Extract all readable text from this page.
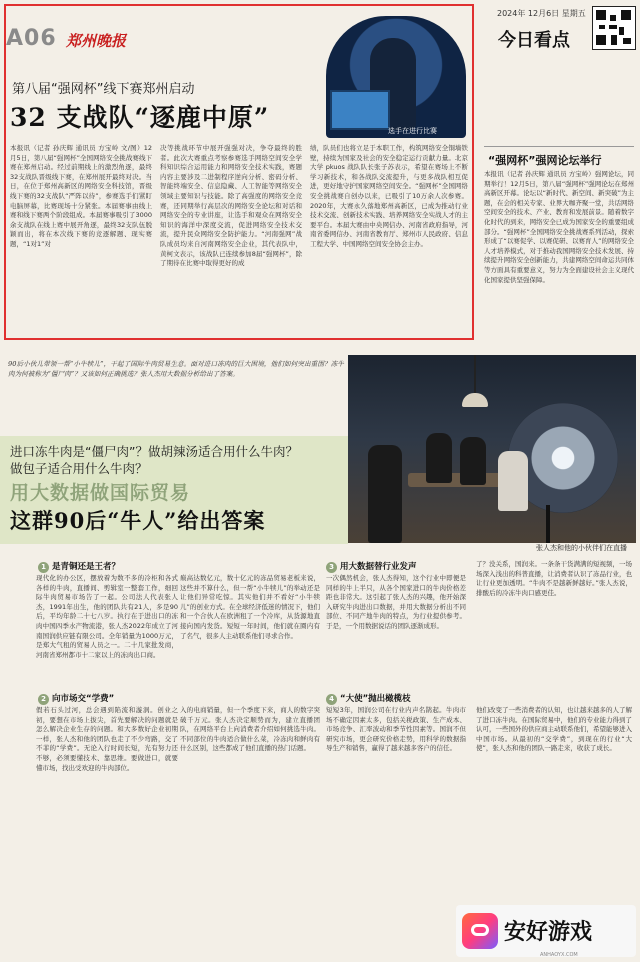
A06 郑州晚报
2024年 12月6日 星期五
今日看点
选手在进行比赛
第八届“强网杯”线下赛郑州启动
32 支战队“逐鹿中原”
本报讯（记者 孙庆辉 通讯员 方宝岭 文/图）12月5日，第八届“强网杯”全国网络安全挑战赛线下赛在郑州启动。经过前期线上的激烈角逐，最终32支战队晋级线下赛，在郑州展开最终对决。当日，在位于郑州高新区的网络安全科技馆，晋级线下赛的32支战队“严阵以待”，参赛选手们紧盯电脑屏幕，比赛现场十分紧张。本届赛事由线上赛和线下赛两个阶段组成。本届赛事吸引了3000余支战队在线上赛中展开角逐，最终32支队伍脱颖而出，将在本次线下赛的竞逐解题、现实赛题，“1对1”对
决等挑战环节中展开强强对决，争夺最终的胜者。此次大赛重点考察参赛选手网络空间安全学科知识综合运用能力和网络安全技术实践，赛题内容主要涉及二进制程序逆向分析、密码分析、智能终端安全、信息隐藏、人工智能等网络安全领域主要知识与技能。除了高强度的网络安全竞赛，还同期举行高层次的网络安全论坛和对话和网络安全的专业讲座，让选手和观众在网络安全知识的海洋中深度交流，促进网络安全技术交流，提升民众网络安全防护能力。“河南强网”战队成员均来自河南网络安全企业，其代表队中，黄柯文表示，该战队已连续参加8届“强网杯”，除了期待在比赛中取得更好的成
绩，队员们也将立足于本职工作，构筑网络安全铜墙铁壁，持续为国家及社会的安全稳定运行贡献力量。北京大学 pkuos 战队队长张子苏表示，希望在赛场上不断学习新技术，和各战队交流提升，与更多战队相互促进，更好地守护国家网络空间安全。“强网杯”全国网络安全挑战赛自创办以来，已吸引了10万余人次参赛。2020年，大赛永久落地郑州高新区，已成为推动行业技术交流、创新技术实践、培养网络安全实战人才的主要平台。本届大赛由中央网信办、河南省政府指导，河南省委网信办、河南省教育厅、郑州市人民政府、信息工程大学、中国网络空间安全协会主办。
“强网杯”强网论坛举行
本报讯（记者 孙庆辉 通讯员 方宝岭）强网论坛，同期举行！12月5日，第八届“强网杯”强网论坛在郑州高新区开幕。论坛以“新时代、新空间、新突破”为主题，在会的相关专家、业界大咖齐聚一堂，共话网络空间安全的技术、产业、教育和发展前景。随着数字化时代的到来，网络安全已成为国家安全的重要组成部分。“强网杯”全国网络安全挑战赛系列活动，探索形成了“以赛促学、以赛促研、以赛育人”的网络安全人才培养模式，对于推动我国网络安全技术发展、持续提升网络安全创新能力，共建网络空间命运共同体等方面具有重要意义，努力为全面建设社会主义现代化国家提供坚强保障。
90后小伙儿带领一帮“小牛犊儿”，干起了国际牛肉贸易生意。面对进口冻肉的巨大困境，他们如何突出重围？冻牛肉为何被称为“僵尸肉”？又该如何正确挑选？张人杰用大数据分析给出了答案。
张人杰和他的小伙伴们在直播
进口冻牛肉是“僵尸肉”？做胡辣汤适合用什么牛肉？
做包子适合用什么牛肉？
用大数据做国际贸易
这群90后“牛人”给出答案
1 是青铜还是王者？
现代化的办公区，摆放着为数不多的冷柜和各式各样的牛肉，直播间、剪辑室一整套工作，细回际牛肉贸易市场告了一起。公司法人代表张人杰，1991年出生，他的团队共有21人，多是90后，平均年龄二十七八岁。执行在于进出口的冻肉中国四季水产物流港，张人杰2022年成立了河南国润供应链有限公司。全年销量为1000万元，是郑大气租的贸易人员之一。二十几家批发商，河南省郑州都市十二家以上的冻肉出口商。
2 向市场交“学费”
假若石头过河，总会遇到陷流和漩涡。创业之初，要想在市场上拔尖，首先要解决的问题就是怎么解决企业生存的问题。和大多数好企业初期一样，张人杰和他的团队也走了不少弯路，交了不菲的“学费”。无论入行时间长短，光有努力还不够，必须要懂技术、靠思维。要做进口，就要懂市场，找出受欢迎的牛肉部位。
巅高达数亿元，数十亿元的冻品贸易老板来说，这些并不算什么，但一帮“小牛犊儿”的举动还是让他们异常吃惊。其实他们并不看好“小牛犊儿”的创业方式。在全球经济低迷的情况下，他们和一个合伙人在欧洲租了一个冷库，从货源地直接向国内发货。短短一年时间，他们就在圈内有了名气，很多人主动联系他们寻求合作。
入的电商销量，但一个季度下来，商人的数字突破千万元。张人杰决定顺势而为，建立直播团队，在网络平台上向消费者介绍如何挑选牛肉。不同部位的牛肉适合做什么菜，冷冻肉和鲜肉有什么区别，这些都成了他们直播的热门话题。
3 用大数据替行业发声
一次偶然机会，张人杰得知，这个行业中即便是同样的牛上半只，从各个国家进口的牛肉价格差距也非常大。这引起了张人杰的兴趣，他开始深入研究牛肉进出口数据，并用大数据分析出不同部位、不同产地牛肉的特点，为行业提供参考。于是，一个用数据说话的团队逐渐成形。
4 “大使”抛出橄榄枝
短短3年，国润公司在行业内声名鹊起。牛肉市场不确定因素太多，包括关税政策、生产成本、市场竞争、汇率波动和季节性因素等。国润不但研究市场，更会研究价格走势，用科学的数据指导生产和销售，赢得了越来越多客户的信任。
了？没关系，国润来。一条条干货满满的短视频，一场场深入浅出的科普直播，让消费者认识了冻品行业，也让行业更加透明。“牛肉不是越新鲜越好。”张人杰说，排酸后的冷冻牛肉口感更佳。
他们改变了一些消费者的认知，也让越来越多的人了解了进口冻牛肉。在国际贸易中，他们的专业能力得到了认可，一些国外的供应商主动联系他们，希望能够进入中国市场。从最初的“交学费”，到现在的行业“大使”，张人杰和他的团队一路走来，收获了成长。
安好游戏
ANHAOYX.COM
